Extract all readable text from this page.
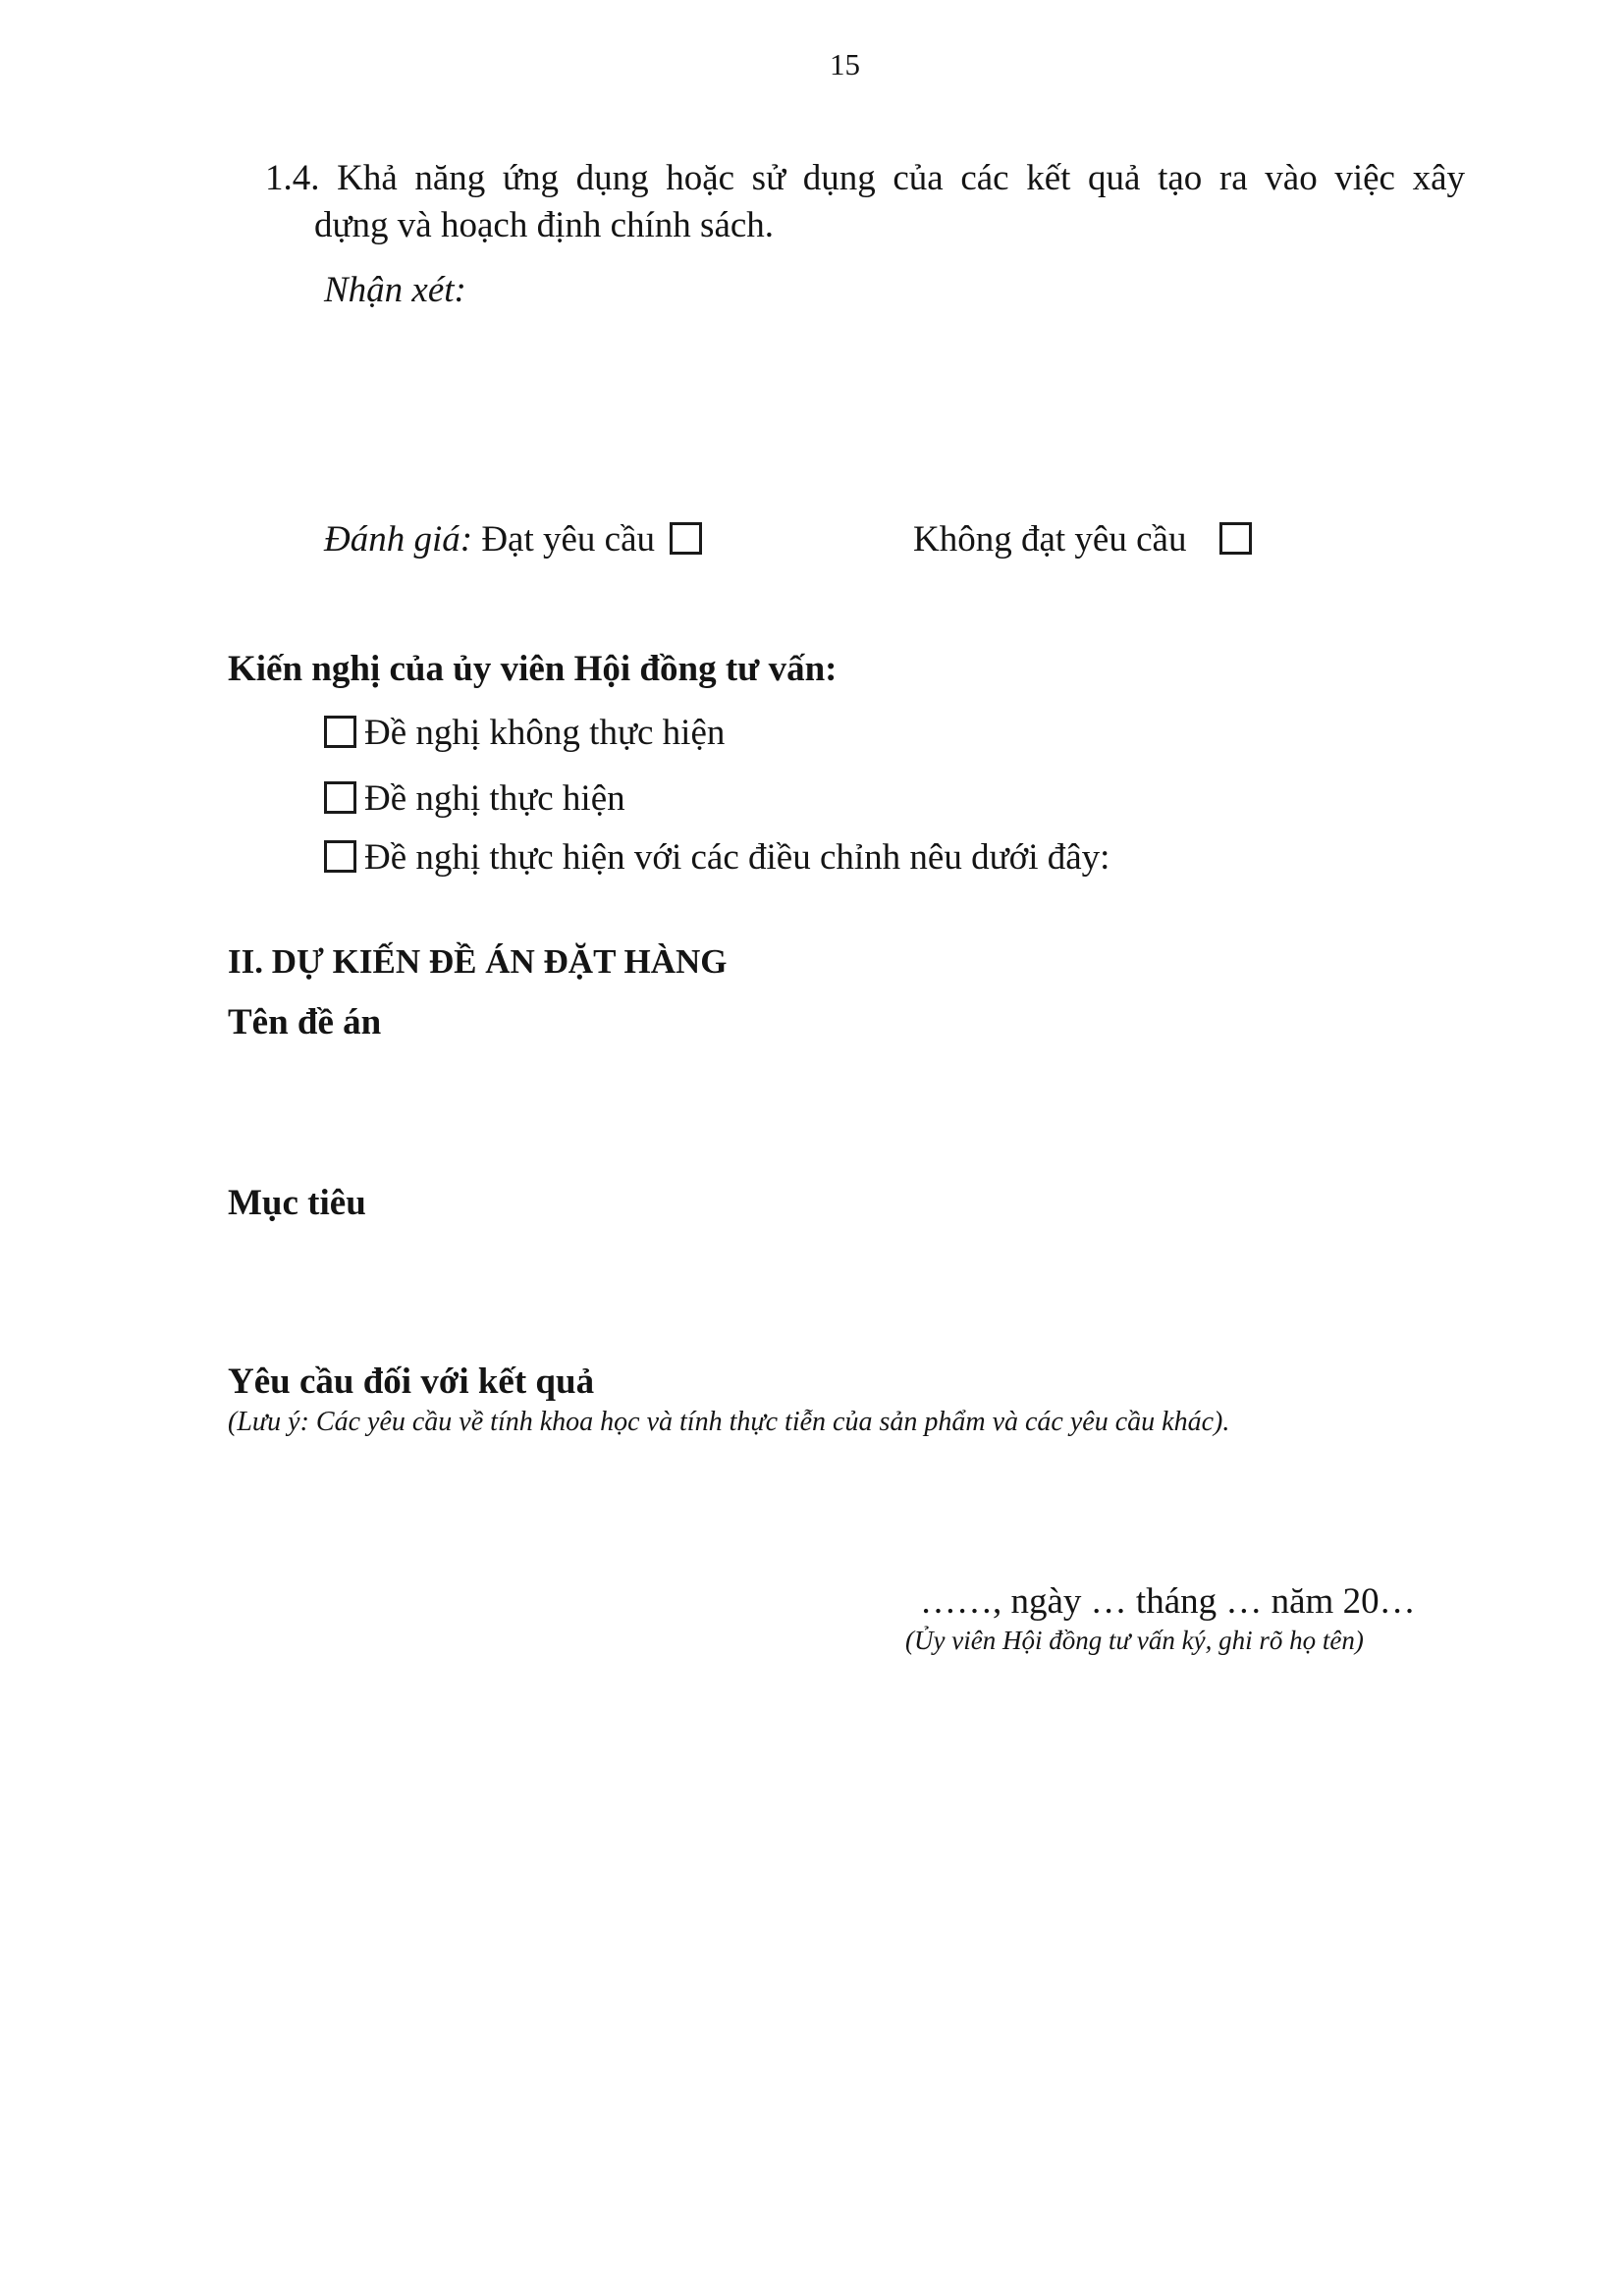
15
1.4. Khả năng ứng dụng hoặc sử dụng của các kết quả tạo ra vào việc xây
dựng và hoạch định chính sách.
Nhận xét:
Đánh giá: Đạt yêu cầu	Không đạt yêu cầu
Kiến nghị của ủy viên Hội đồng tư vấn:
Đề nghị không thực hiện
Đề nghị thực hiện
Đề nghị thực hiện với các điều chỉnh nêu dưới đây:
II. DỰ KIẾN ĐỀ ÁN ĐẶT HÀNG
Tên đề án
Mục tiêu
Yêu cầu đối với kết quả
(Lưu ý: Các yêu cầu về tính khoa học và tính thực tiễn của sản phẩm và các yêu cầu khác).
……, ngày … tháng … năm 20…
(Ủy viên Hội đồng tư vấn ký, ghi rõ họ tên)
